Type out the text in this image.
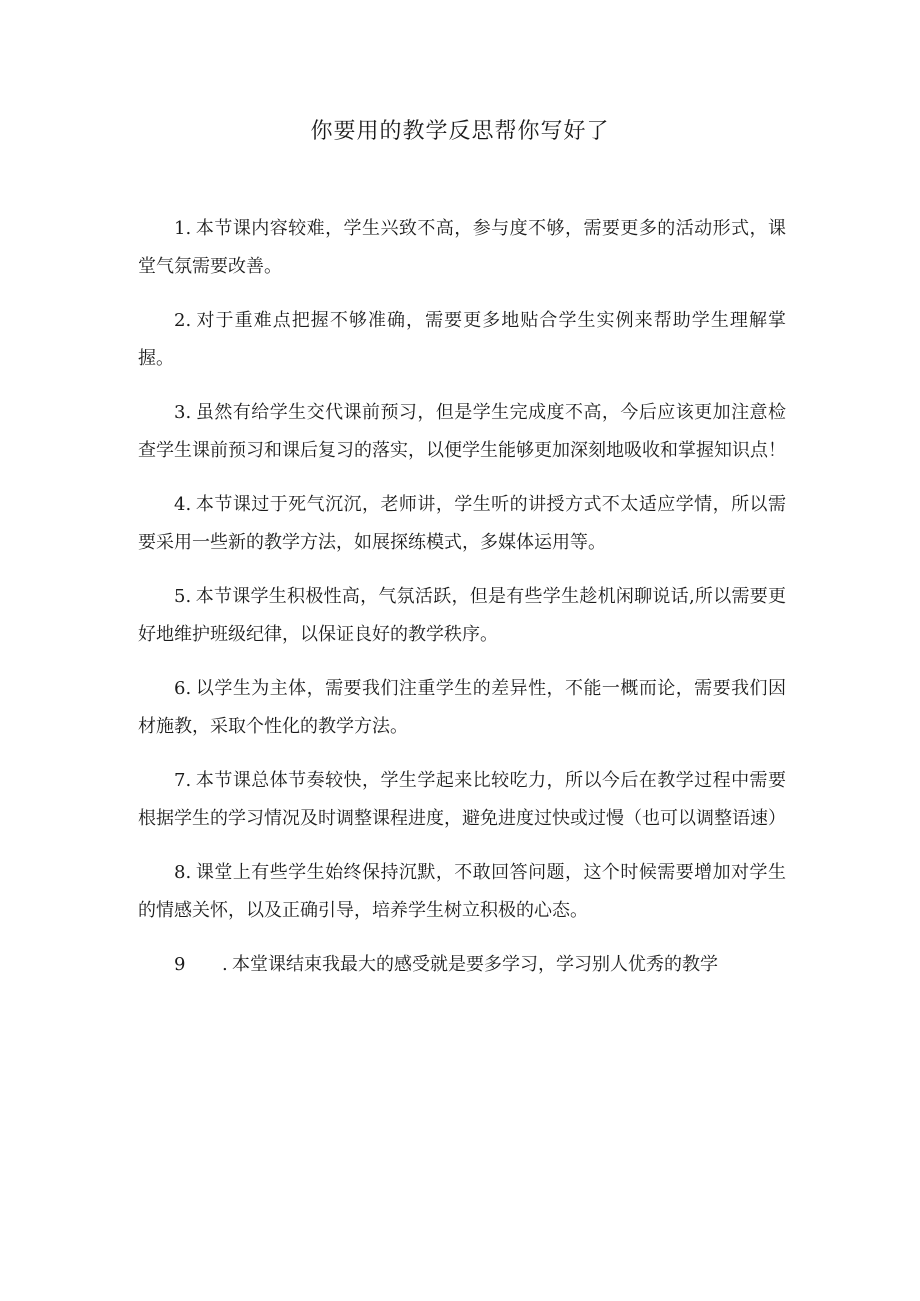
你要用的教学反思帮你写好了

1. 本节课内容较难，学生兴致不高，参与度不够，需要更多的活动形式，课堂气氛需要改善。

2. 对于重难点把握不够准确，需要更多地贴合学生实例来帮助学生理解掌握。

3. 虽然有给学生交代课前预习，但是学生完成度不高，今后应该更加注意检查学生课前预习和课后复习的落实，以便学生能够更加深刻地吸收和掌握知识点！

4. 本节课过于死气沉沉，老师讲，学生听的讲授方式不太适应学情，所以需要采用一些新的教学方法，如展探练模式，多媒体运用等。

5. 本节课学生积极性高，气氛活跃，但是有些学生趁机闲聊说话,所以需要更好地维护班级纪律，以保证良好的教学秩序。

6. 以学生为主体，需要我们注重学生的差异性，不能一概而论，需要我们因材施教，采取个性化的教学方法。

7. 本节课总体节奏较快，学生学起来比较吃力，所以今后在教学过程中需要根据学生的学习情况及时调整课程进度，避免进度过快或过慢（也可以调整语速）

8. 课堂上有些学生始终保持沉默，不敢回答问题，这个时候需要增加对学生的情感关怀，以及正确引导，培养学生树立积极的心态。

9 . 本堂课结束我最大的感受就是要多学习，学习别人优秀的教学
